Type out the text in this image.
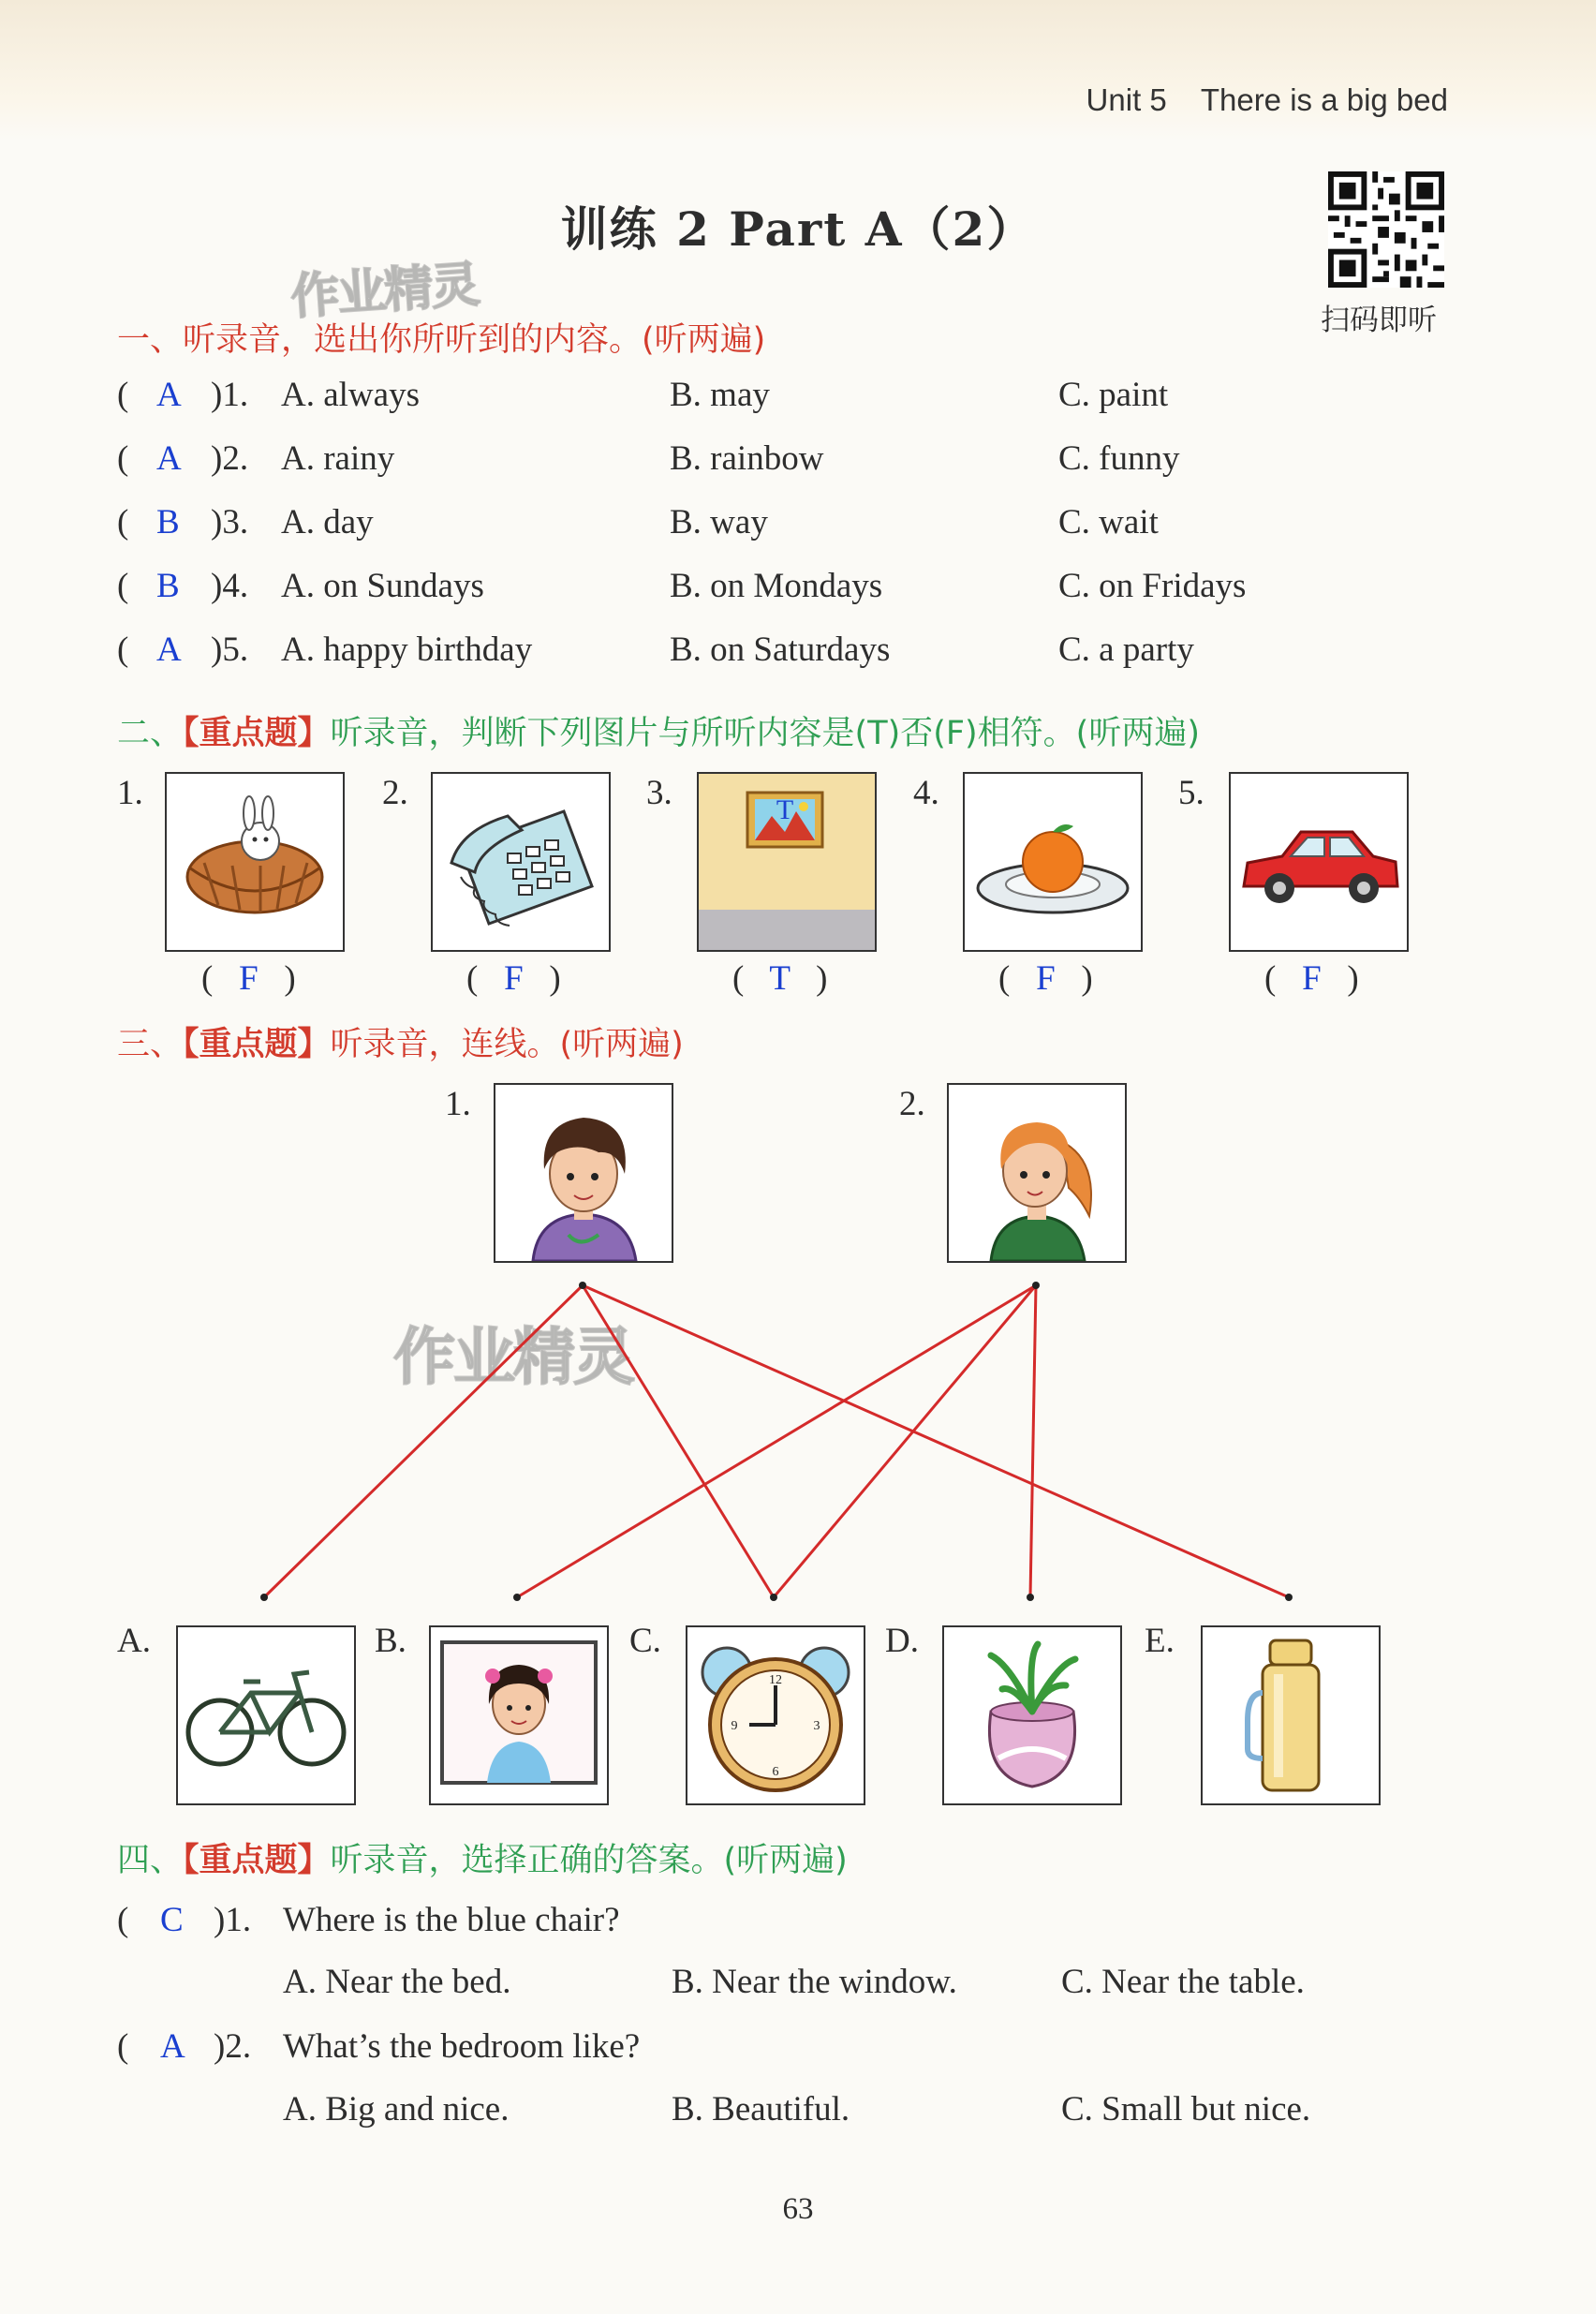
Unit 5    There is a big bed
训练 2 Part A（2）
扫码即听
作业精灵
作业精灵
一、听录音，选出你所听到的内容。(听两遍)
( A )1. A. always	B. may	C. paint
( A )2. A. rainy	B. rainbow	C. funny
( B )3. A. day	B. way	C. wait
( B )4. A. on Sundays	B. on Mondays	C. on Fridays
( A )5. A. happy birthday	B. on Saturdays	C. a party
二、【重点题】听录音，判断下列图片与所听内容是(T)否(F)相符。(听两遍)
1.	2.	3.	T	4.	5.
(   F   )	(   F   )	(   T   )	(   F   )	(   F   )
三、【重点题】听录音，连线。(听两遍)
1.	2.
A.	B.	C.
12
3
6
9
D.	E.
四、【重点题】听录音，选择正确的答案。(听两遍)
( C )1. Where is the blue chair?
A. Near the bed.	B. Near the window.	C. Near the table.
( A )2. What’s the bedroom like?
A. Big and nice.	B. Beautiful.	C. Small but nice.
63
